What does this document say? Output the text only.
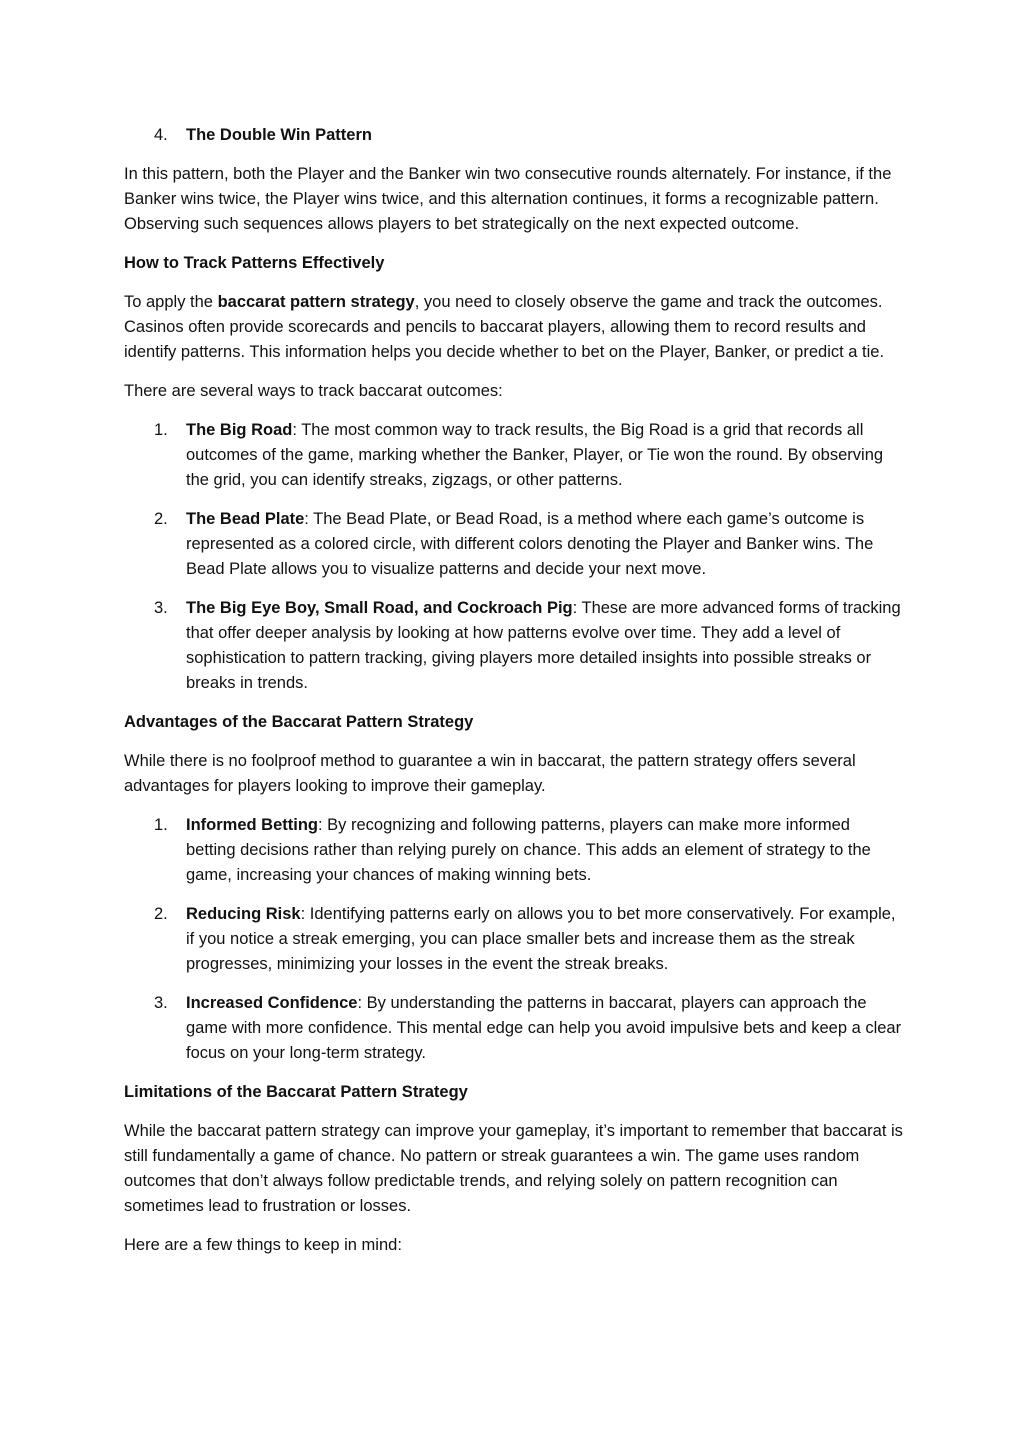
4.	The Double Win Pattern

In this pattern, both the Player and the Banker win two consecutive rounds alternately. For instance, if the Banker wins twice, the Player wins twice, and this alternation continues, it forms a recognizable pattern. Observing such sequences allows players to bet strategically on the next expected outcome.

How to Track Patterns Effectively

To apply the baccarat pattern strategy, you need to closely observe the game and track the outcomes. Casinos often provide scorecards and pencils to baccarat players, allowing them to record results and identify patterns. This information helps you decide whether to bet on the Player, Banker, or predict a tie.

There are several ways to track baccarat outcomes:

1.	The Big Road: The most common way to track results, the Big Road is a grid that records all outcomes of the game, marking whether the Banker, Player, or Tie won the round. By observing the grid, you can identify streaks, zigzags, or other patterns.
2.	The Bead Plate: The Bead Plate, or Bead Road, is a method where each game’s outcome is represented as a colored circle, with different colors denoting the Player and Banker wins. The Bead Plate allows you to visualize patterns and decide your next move.
3.	The Big Eye Boy, Small Road, and Cockroach Pig: These are more advanced forms of tracking that offer deeper analysis by looking at how patterns evolve over time. They add a level of sophistication to pattern tracking, giving players more detailed insights into possible streaks or breaks in trends.

Advantages of the Baccarat Pattern Strategy

While there is no foolproof method to guarantee a win in baccarat, the pattern strategy offers several advantages for players looking to improve their gameplay.

1.	Informed Betting: By recognizing and following patterns, players can make more informed betting decisions rather than relying purely on chance. This adds an element of strategy to the game, increasing your chances of making winning bets.
2.	Reducing Risk: Identifying patterns early on allows you to bet more conservatively. For example, if you notice a streak emerging, you can place smaller bets and increase them as the streak progresses, minimizing your losses in the event the streak breaks.
3.	Increased Confidence: By understanding the patterns in baccarat, players can approach the game with more confidence. This mental edge can help you avoid impulsive bets and keep a clear focus on your long-term strategy.

Limitations of the Baccarat Pattern Strategy

While the baccarat pattern strategy can improve your gameplay, it’s important to remember that baccarat is still fundamentally a game of chance. No pattern or streak guarantees a win. The game uses random outcomes that don’t always follow predictable trends, and relying solely on pattern recognition can sometimes lead to frustration or losses.

Here are a few things to keep in mind:
